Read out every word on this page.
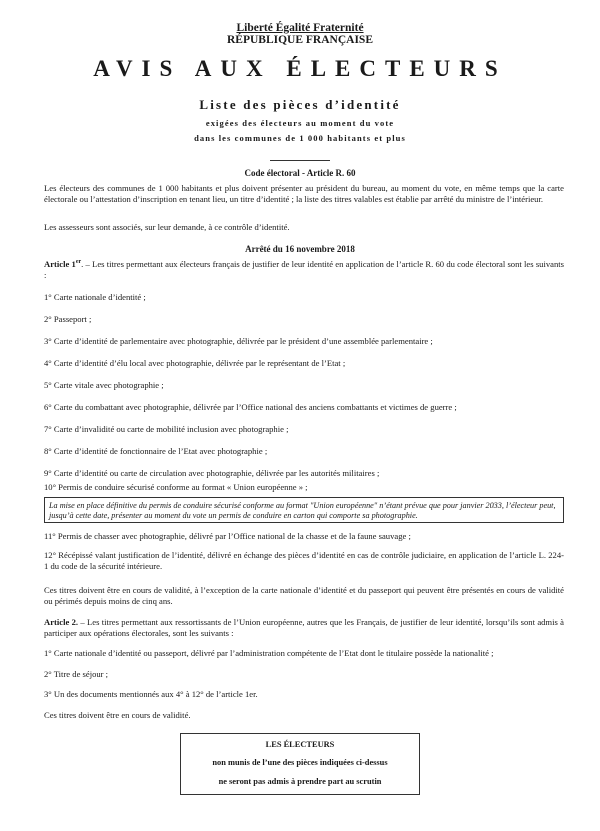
Liberté Égalité Fraternité
RÉPUBLIQUE FRANÇAISE
AVIS AUX ÉLECTEURS
Liste des pièces d’identité
exigées des électeurs au moment du vote
dans les communes de 1 000 habitants et plus
Code électoral - Article R. 60
Les électeurs des communes de 1 000 habitants et plus doivent présenter au président du bureau, au moment du vote, en même temps que la carte électorale ou l’attestation d’inscription en tenant lieu, un titre d’identité ; la liste des titres valables est établie par arrêté du ministre de l’intérieur.
Les assesseurs sont associés, sur leur demande, à ce contrôle d’identité.
Arrêté du 16 novembre 2018
Article 1er. – Les titres permettant aux électeurs français de justifier de leur identité en application de l’article R. 60 du code électoral sont les suivants :
1° Carte nationale d’identité ;
2° Passeport ;
3° Carte d’identité de parlementaire avec photographie, délivrée par le président d’une assemblée parlementaire ;
4° Carte d’identité d’élu local avec photographie, délivrée par le représentant de l’Etat ;
5° Carte vitale avec photographie ;
6° Carte du combattant avec photographie, délivrée par l’Office national des anciens combattants et victimes de guerre ;
7° Carte d’invalidité ou carte de mobilité inclusion avec photographie ;
8° Carte d’identité de fonctionnaire de l’Etat avec photographie ;
9° Carte d’identité ou carte de circulation avec photographie, délivrée par les autorités militaires ;
10° Permis de conduire sécurisé conforme au format « Union européenne » ;
La mise en place définitive du permis de conduire sécurisé conforme au format "Union européenne" n’étant prévue que pour janvier 2033, l’électeur peut, jusqu’à cette date, présenter au moment du vote un permis de conduire en carton qui comporte sa photographie.
11° Permis de chasser avec photographie, délivré par l’Office national de la chasse et de la faune sauvage ;
12° Récépissé valant justification de l’identité, délivré en échange des pièces d’identité en cas de contrôle judiciaire, en application de l’article L. 224-1 du code de la sécurité intérieure.
Ces titres doivent être en cours de validité, à l’exception de la carte nationale d’identité et du passeport qui peuvent être présentés en cours de validité ou périmés depuis moins de cinq ans.
Article 2. – Les titres permettant aux ressortissants de l’Union européenne, autres que les Français, de justifier de leur identité, lorsqu’ils sont admis à participer aux opérations électorales, sont les suivants :
1° Carte nationale d’identité ou passeport, délivré par l’administration compétente de l’Etat dont le titulaire possède la nationalité ;
2° Titre de séjour ;
3° Un des documents mentionnés aux 4° à 12° de l’article 1er.
Ces titres doivent être en cours de validité.
LES ÉLECTEURS
non munis de l’une des pièces indiquées ci-dessus
ne seront pas admis à prendre part au scrutin
